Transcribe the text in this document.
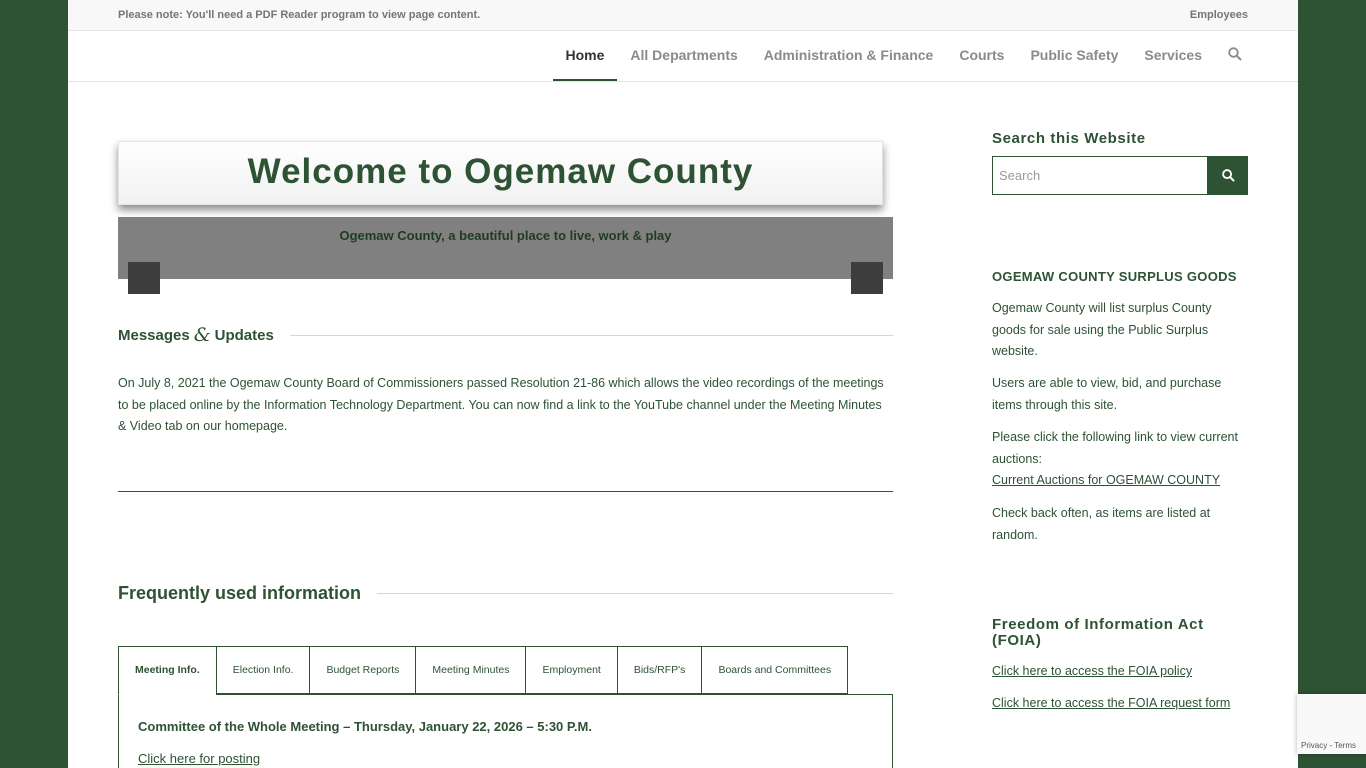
Please note: You'll need a PDF Reader program to view page content.	Employees
Home	All Departments	Administration & Finance	Courts	Public Safety	Services
Welcome to Ogemaw County
Ogemaw County, a beautiful place to live, work & play
Messages & Updates
On July 8, 2021 the Ogemaw County Board of Commissioners passed Resolution 21-86 which allows the video recordings of the meetings to be placed online by the Information Technology Department. You can now find a link to the YouTube channel under the Meeting Minutes & Video tab on our homepage.
Frequently used information
Meeting Info.	Election Info.	Budget Reports	Meeting Minutes	Employment	Bids/RFP's	Boards and Committees
Committee of the Whole Meeting – Thursday, January 22, 2026 – 5:30 P.M.
Click here for posting
Search this Website
Search
OGEMAW COUNTY SURPLUS GOODS

Ogemaw County will list surplus County goods for sale using the Public Surplus website.

Users are able to view, bid, and purchase items through this site.

Please click the following link to view current auctions:

Current Auctions for OGEMAW COUNTY

Check back often, as items are listed at random.

Freedom of Information Act (FOIA)

Click here to access the FOIA policy

Click here to access the FOIA request form

Privacy - Terms
